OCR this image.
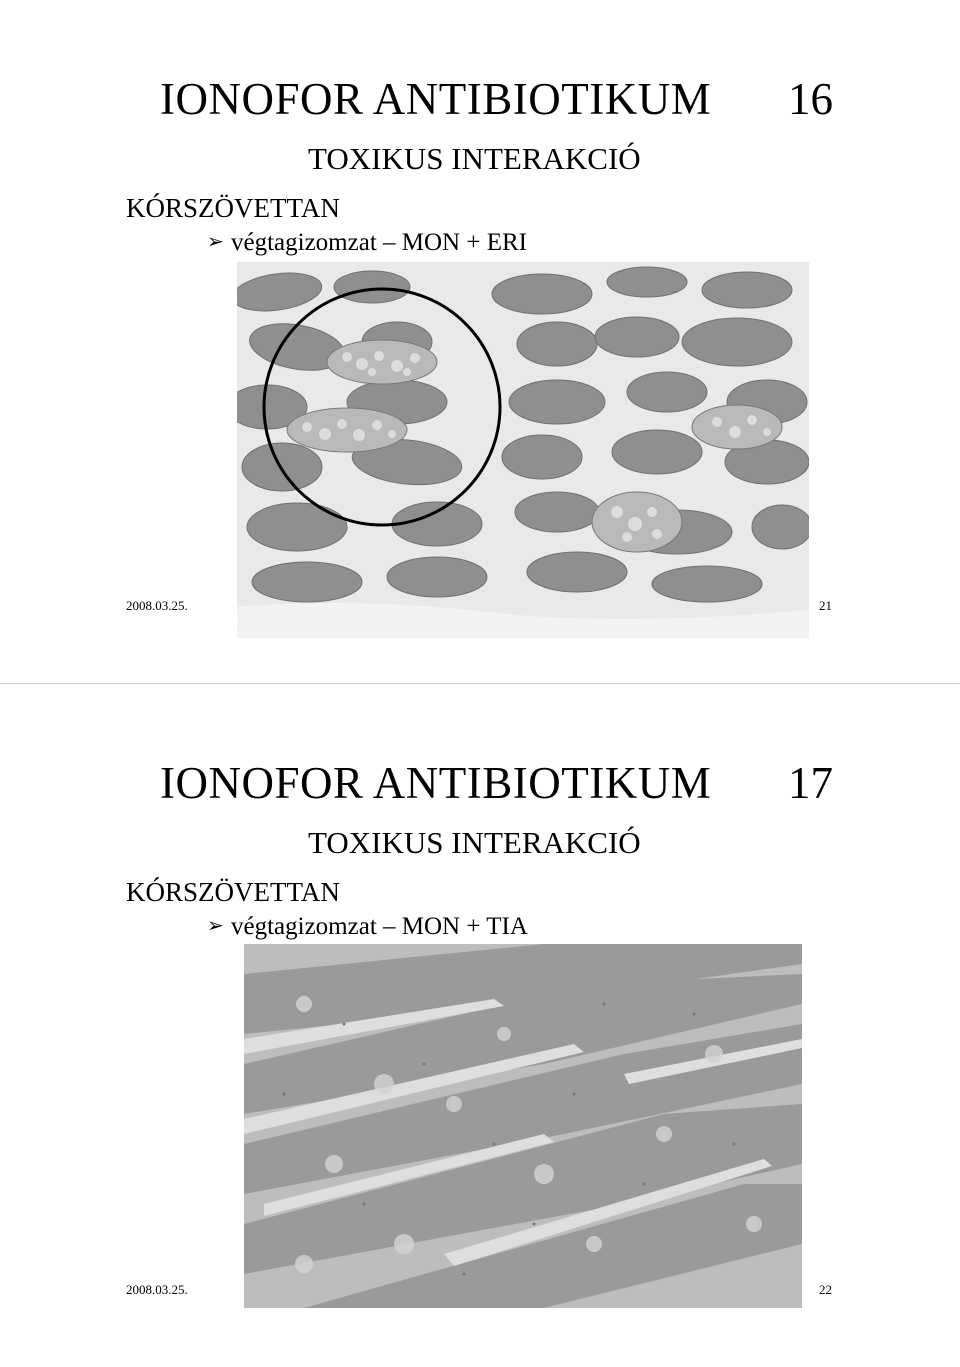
IONOFOR ANTIBIOTIKUM 16
TOXIKUS INTERAKCIÓ
KÓRSZÖVETTAN
➢ végtagizomzat – MON + ERI
2008.03.25.	21
IONOFOR ANTIBIOTIKUM 17
TOXIKUS INTERAKCIÓ
KÓRSZÖVETTAN
➢ végtagizomzat – MON + TIA
2008.03.25.	22
